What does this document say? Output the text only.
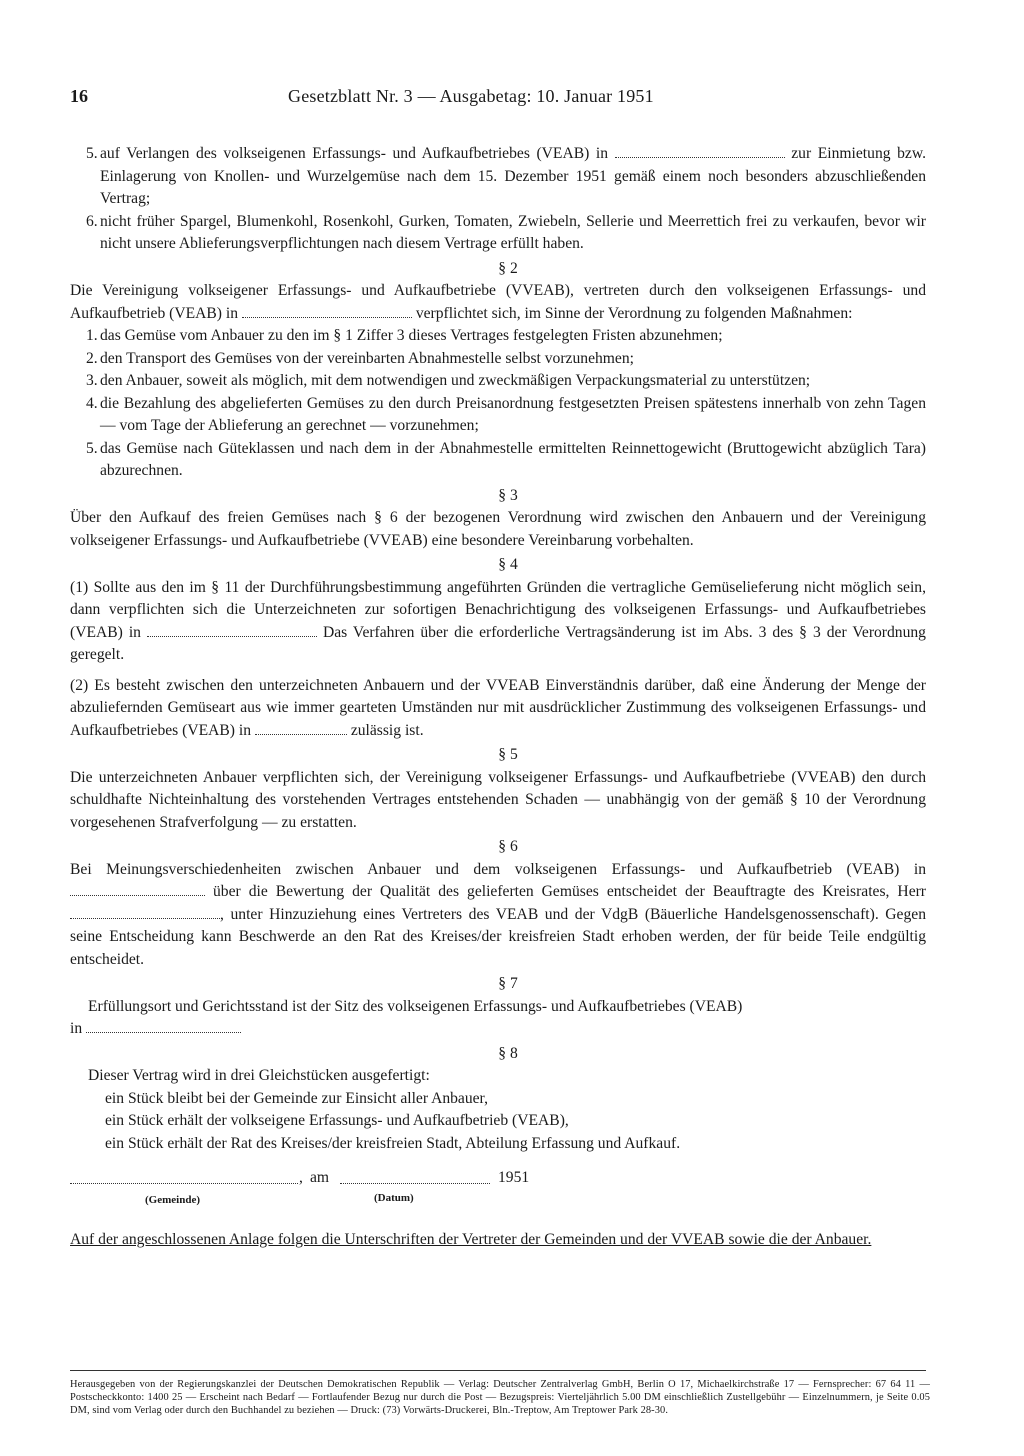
16	Gesetzblatt Nr. 3 — Ausgabetag: 10. Januar 1951
5. auf Verlangen des volkseigenen Erfassungs- und Aufkaufbetriebes (VEAB) in	zur Einmietung bzw. Einlagerung von Knollen- und Wurzelgemüse nach dem 15. Dezember 1951 gemäß einem noch besonders abzuschließenden Vertrag;
6. nicht früher Spargel, Blumenkohl, Rosenkohl, Gurken, Tomaten, Zwiebeln, Sellerie und Meerrettich frei zu verkaufen, bevor wir nicht unsere Ablieferungsverpflichtungen nach diesem Vertrage erfüllt haben.

§ 2

Die Vereinigung volkseigener Erfassungs- und Aufkaufbetriebe (VVEAB), vertreten durch den volkseigenen Erfassungs- und Aufkaufbetrieb (VEAB) in	verpflichtet sich, im Sinne der Verordnung zu folgenden Maßnahmen:

1. das Gemüse vom Anbauer zu den im § 1 Ziffer 3 dieses Vertrages festgelegten Fristen abzunehmen;
2. den Transport des Gemüses von der vereinbarten Abnahmestelle selbst vorzunehmen;
3. den Anbauer, soweit als möglich, mit dem notwendigen und zweckmäßigen Verpackungsmaterial zu unterstützen;
4. die Bezahlung des abgelieferten Gemüses zu den durch Preisanordnung festgesetzten Preisen spätestens innerhalb von zehn Tagen — vom Tage der Ablieferung an gerechnet — vorzunehmen;
5. das Gemüse nach Güteklassen und nach dem in der Abnahmestelle ermittelten Reinnettogewicht (Bruttogewicht abzüglich Tara) abzurechnen.

§ 3

Über den Aufkauf des freien Gemüses nach § 6 der bezogenen Verordnung wird zwischen den Anbauern und der Vereinigung volkseigener Erfassungs- und Aufkaufbetriebe (VVEAB) eine besondere Vereinbarung vorbehalten.

§ 4

(1) Sollte aus den im § 11 der Durchführungsbestimmung angeführten Gründen die vertragliche Gemüselieferung nicht möglich sein, dann verpflichten sich die Unterzeichneten zur sofortigen Benachrichtigung des volkseigenen Erfassungs- und Aufkaufbetriebes (VEAB) in	Das Verfahren über die erforderliche Vertragsänderung ist im Abs. 3 des § 3 der Verordnung geregelt.

(2) Es besteht zwischen den unterzeichneten Anbauern und der VVEAB Einverständnis darüber, daß eine Änderung der Menge der abzuliefernden Gemüseart aus wie immer gearteten Umständen nur mit ausdrücklicher Zustimmung des volkseigenen Erfassungs- und Aufkaufbetriebes (VEAB) in	zulässig ist.

§ 5

Die unterzeichneten Anbauer verpflichten sich, der Vereinigung volkseigener Erfassungs- und Aufkaufbetriebe (VVEAB) den durch schuldhafte Nichteinhaltung des vorstehenden Vertrages entstehenden Schaden — unabhängig von der gemäß § 10 der Verordnung vorgesehenen Strafverfolgung — zu erstatten.

§ 6

Bei Meinungsverschiedenheiten zwischen Anbauer und dem volkseigenen Erfassungs- und Aufkaufbetrieb (VEAB) in  über die Bewertung der Qualität des gelieferten Gemüses entscheidet der Beauftragte des Kreisrates, Herr , unter Hinzuziehung eines Vertreters des VEAB und der VdgB (Bäuerliche Handelsgenossenschaft). Gegen seine Entscheidung kann Beschwerde an den Rat des Kreises/der kreisfreien Stadt erhoben werden, der für beide Teile endgültig entscheidet.

§ 7

Erfüllungsort und Gerichtsstand ist der Sitz des volkseigenen Erfassungs- und Aufkaufbetriebes (VEAB)

in

§ 8

Dieser Vertrag wird in drei Gleichstücken ausgefertigt:

ein Stück bleibt bei der Gemeinde zur Einsicht aller Anbauer,

ein Stück erhält der volkseigene Erfassungs- und Aufkaufbetrieb (VEAB),

ein Stück erhält der Rat des Kreises/der kreisfreien Stadt, Abteilung Erfassung und Aufkauf.

, am	1951
(Gemeinde)	(Datum)

Auf der angeschlossenen Anlage folgen die Unterschriften der Vertreter der Gemeinden und der VVEAB sowie die der Anbauer.

Herausgegeben von der Regierungskanzlei der Deutschen Demokratischen Republik — Verlag: Deutscher Zentralverlag GmbH, Berlin O 17, Michaelkirchstraße 17 — Fernsprecher: 67 64 11 — Postscheckkonto: 1400 25 — Erscheint nach Bedarf — Fortlaufender Bezug nur durch die Post — Bezugspreis: Vierteljährlich 5.00 DM einschließlich Zustellgebühr — Einzelnummern, je Seite 0.05 DM, sind vom Verlag oder durch den Buchhandel zu beziehen — Druck: (73) Vorwärts-Druckerei, Bln.-Treptow, Am Treptower Park 28-30.
